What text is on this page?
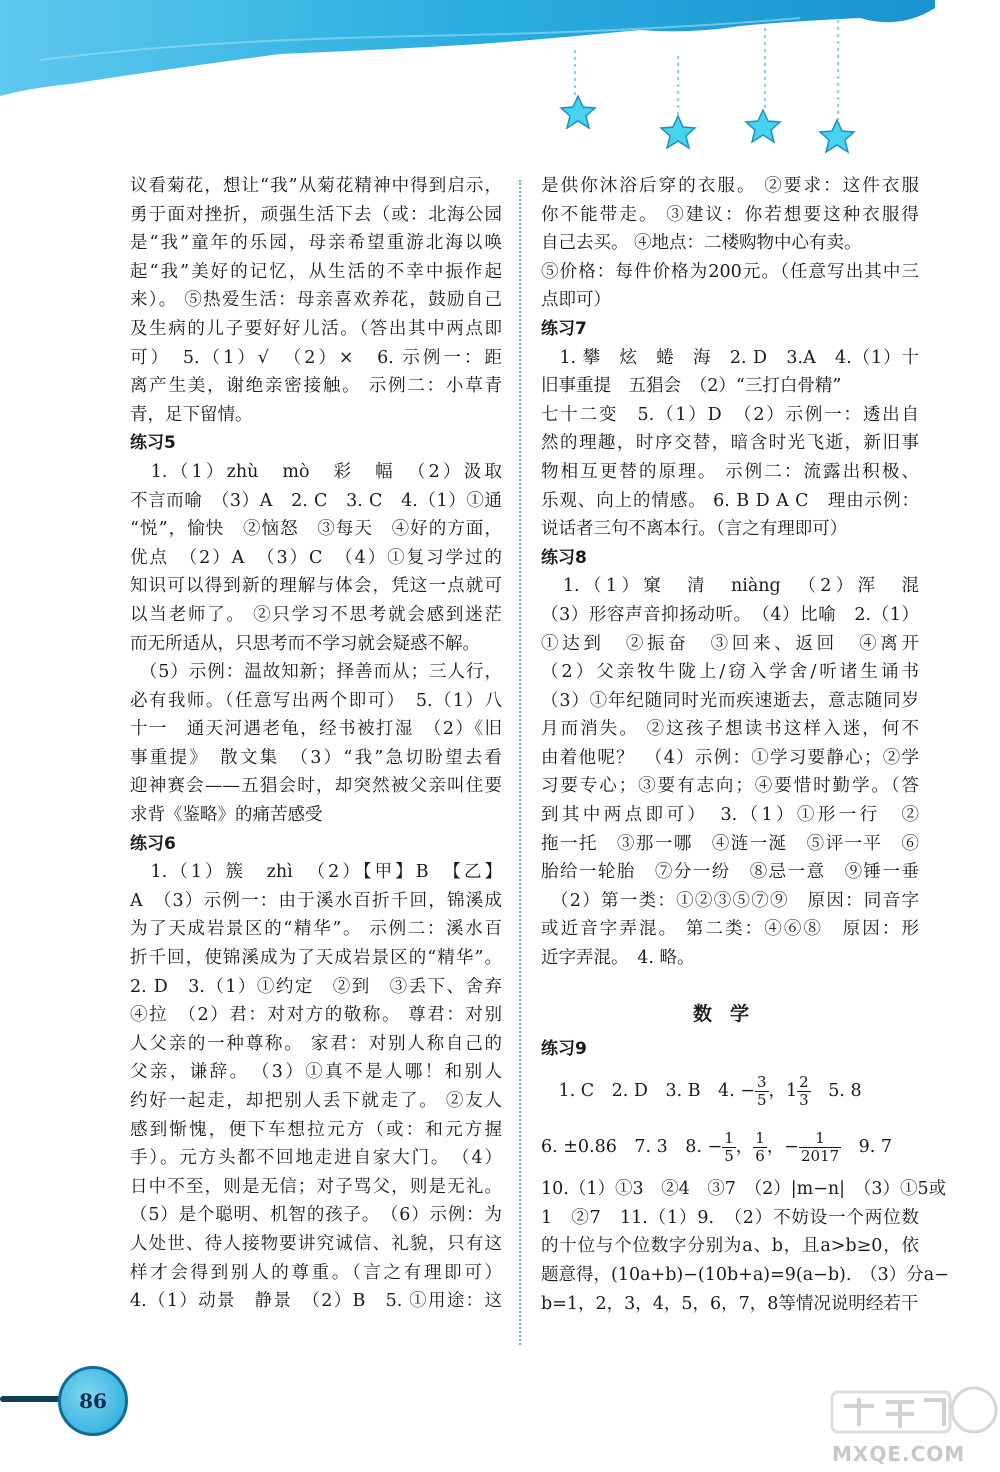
议看菊花，想让“我”从菊花精神中得到启示，
勇于面对挫折，顽强生活下去（或：北海公园
是“我”童年的乐园，母亲希望重游北海以唤
起“我”美好的记忆，从生活的不幸中振作起
来）。 ⑤热爱生活：母亲喜欢养花，鼓励自己
及生病的儿子要好好儿活。（答出其中两点即
可）　5.（1）√　（2）×　6. 示例一：距
离产生美，谢绝亲密接触。 示例二：小草青
青，足下留情。
练习5
　1.（1）zhù　mò　彩　幅　（2）汲取
不言而喻　（3）A　2. C　3. C　4.（1）①通
“悦”，愉快　②恼怒　③每天　④好的方面，
优点　（2）A　（3）C　（4）①复习学过的
知识可以得到新的理解与体会，凭这一点就可
以当老师了。 ②只学习不思考就会感到迷茫
而无所适从，只思考而不学习就会疑惑不解。
　（5）示例：温故知新；择善而从；三人行，
必有我师。（任意写出两个即可）　5.（1）八
十一　通天河遇老龟，经书被打湿　（2）《旧
事重提》　散文集　（3）“我”急切盼望去看
迎神赛会——五猖会时，却突然被父亲叫住要
求背《鉴略》的痛苦感受
练习6
　1.（1）簇　zhì　（2）【甲】B　【乙】
A　（3）示例一：由于溪水百折千回，锦溪成
为了天成岩景区的“精华”。 示例二：溪水百
折千回，使锦溪成为了天成岩景区的“精华”。
2. D　3.（1）①约定　②到　③丢下、舍弃
④拉　（2）君：对对方的敬称。 尊君：对别
人父亲的一种尊称。 家君：对别人称自己的
父亲，谦辞。　（3）①真不是人哪！和别人
约好一起走，却把别人丢下就走了。 ②友人
感到惭愧，便下车想拉元方（或：和元方握
手）。元方头都不回地走进自家大门。　（4）
日中不至，则是无信；对子骂父，则是无礼。
（5）是个聪明、机智的孩子。　（6）示例：为
人处世、待人接物要讲究诚信、礼貌，只有这
样才会得到别人的尊重。（言之有理即可）
4.（1）动景　静景　（2）B　5. ①用途：这
是供你沐浴后穿的衣服。 ②要求：这件衣服
你不能带走。 ③建议：你若想要这种衣服得
自己去买。 ④地点：二楼购物中心有卖。
⑤价格：每件价格为200元。（任意写出其中三
点即可）
练习7
　1. 攀　炫　蜷　海　2. D　3.A　4.（1）十
旧事重提　五猖会　（2）“三打白骨精”
七十二变　5.（1）D　（2）示例一：透出自
然的理趣，时序交替，暗含时光飞逝，新旧事
物相互更替的原理。 示例二：流露出积极、
乐观、向上的情感。 6. B D A C　理由示例：
说话者三句不离本行。（言之有理即可）
练习8
　1.（1）窠　清　niàng　（2）浑　混
（3）形容声音抑扬动听。　（4）比喻　2.（1）
①达到　②振奋　③回来、返回　④离开
（2）父亲牧牛陇上/窃入学舍/听诸生诵书
（3）①年纪随同时光而疾速逝去，意志随同岁
月而消失。 ②这孩子想读书这样入迷，何不
由着他呢？　（4）示例：①学习要静心；②学
习要专心；③要有志向；④要惜时勤学。（答
到其中两点即可）　3.（1）①形一行　②
拖一托　③那一哪　④涟一涎　⑤评一平　⑥
胎给一轮胎　⑦分一纷　⑧忌一意　⑨锤一垂
　（2）第一类：①②③⑤⑦⑨　原因：同音字
或近音字弄混。 第二类：④⑥⑧　原因：形
近字弄混。　4. 略。
数学
练习9
　1. C　2. D　3. B　4. − $\frac{3}{5}$ ，$1 \frac{2}{3}$ 　5. 8
6. ±0.86　7. 3　8. − $\frac{1}{5}$ ， $\frac{1}{6}$ ，− $\frac{1}{2017}$ 　9. 7
10.（1）①3　②4　③7　（2）|m−n|　（3）①5或
1　②7　11.（1）9.　（2）不妨设一个两位数
的十位与个位数字分别为a、b，且a>b≥0，依
题意得，(10a+b)−(10b+a)=9(a−b).　（3）分a−
b=1，2，3，4，5，6，7，8等情况说明经若干
86
MXQE.COM
